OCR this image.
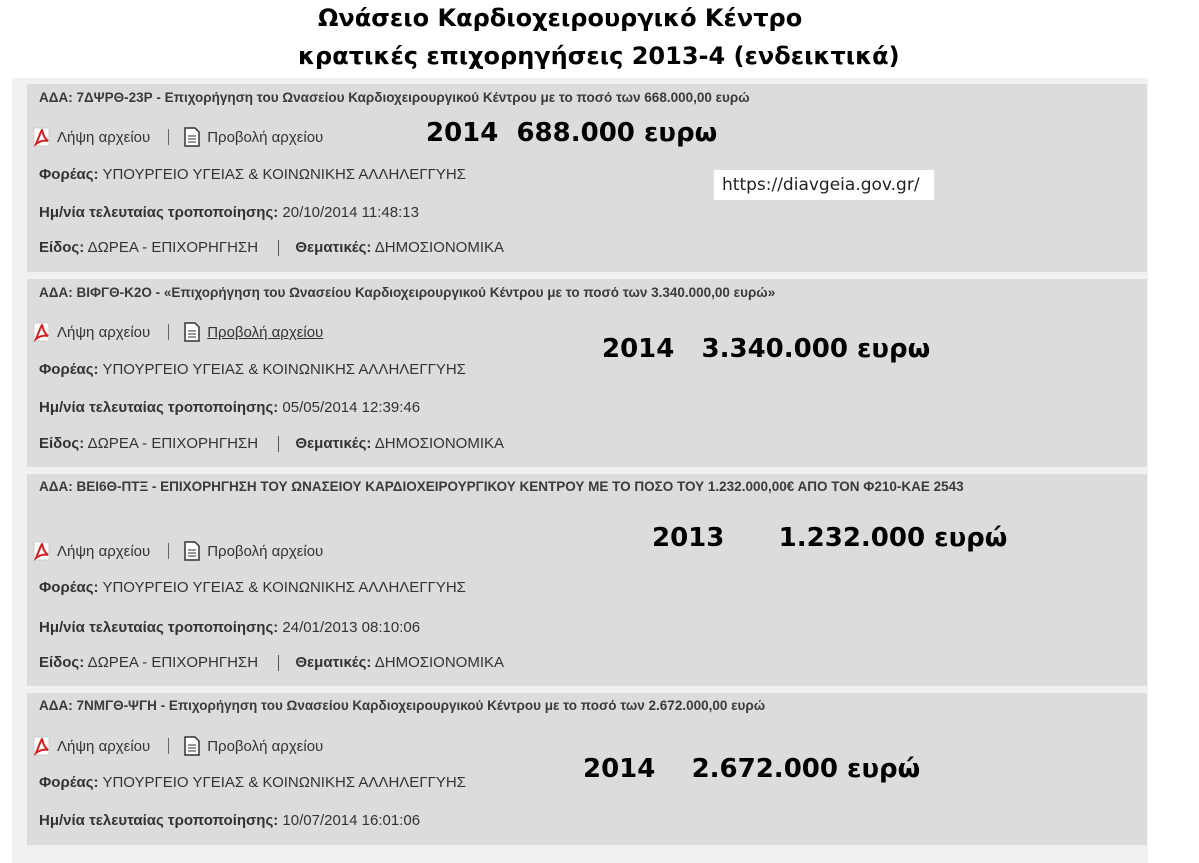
Ωνάσειο Καρδιοχειρουργικό Κέντρο
κρατικές επιχορηγήσεις 2013-4 (ενδεικτικά)
ΑΔΑ: 7ΔΨΡΘ-23Ρ - Επιχορήγηση του Ωνασείου Καρδιοχειρουργικού Κέντρου με το ποσό των 668.000,00 ευρώ
Λήψη αρχείου	Προβολή αρχείου
Φορέας: ΥΠΟΥΡΓΕΙΟ ΥΓΕΙΑΣ & ΚΟΙΝΩΝΙΚΗΣ ΑΛΛΗΛΕΓΓΥΗΣ
Ημ/νία τελευταίας τροποποίησης: 20/10/2014 11:48:13
Είδος: ΔΩΡΕΑ - ΕΠΙΧΟΡΗΓΗΣΗ Θεματικές: ΔΗΜΟΣΙΟΝΟΜΙΚΑ
ΑΔΑ: ΒΙΦΓΘ-Κ2Ο - «Επιχορήγηση του Ωνασείου Καρδιοχειρουργικού Κέντρου με το ποσό των 3.340.000,00 ευρώ»
Λήψη αρχείου	Προβολή αρχείου
Φορέας: ΥΠΟΥΡΓΕΙΟ ΥΓΕΙΑΣ & ΚΟΙΝΩΝΙΚΗΣ ΑΛΛΗΛΕΓΓΥΗΣ
Ημ/νία τελευταίας τροποποίησης: 05/05/2014 12:39:46
Είδος: ΔΩΡΕΑ - ΕΠΙΧΟΡΗΓΗΣΗ Θεματικές: ΔΗΜΟΣΙΟΝΟΜΙΚΑ
ΑΔΑ: ΒΕΙ6Θ-ΠΤΞ - ΕΠΙΧΟΡΗΓΗΣΗ ΤΟΥ ΩΝΑΣΕΙΟΥ ΚΑΡΔΙΟΧΕΙΡΟΥΡΓΙΚΟΥ ΚΕΝΤΡΟΥ ΜΕ ΤΟ ΠΟΣΟ ΤΟΥ 1.232.000,00€ ΑΠΟ ΤΟΝ Φ210-ΚΑΕ 2543
Λήψη αρχείου	Προβολή αρχείου
Φορέας: ΥΠΟΥΡΓΕΙΟ ΥΓΕΙΑΣ & ΚΟΙΝΩΝΙΚΗΣ ΑΛΛΗΛΕΓΓΥΗΣ
Ημ/νία τελευταίας τροποποίησης: 24/01/2013 08:10:06
Είδος: ΔΩΡΕΑ - ΕΠΙΧΟΡΗΓΗΣΗ Θεματικές: ΔΗΜΟΣΙΟΝΟΜΙΚΑ
ΑΔΑ: 7ΝΜΓΘ-ΨΓΗ - Επιχορήγηση του Ωνασείου Καρδιοχειρουργικού Κέντρου με το ποσό των 2.672.000,00 ευρώ
Λήψη αρχείου	Προβολή αρχείου
Φορέας: ΥΠΟΥΡΓΕΙΟ ΥΓΕΙΑΣ & ΚΟΙΝΩΝΙΚΗΣ ΑΛΛΗΛΕΓΓΥΗΣ
Ημ/νία τελευταίας τροποποίησης: 10/07/2014 16:01:06
https://diavgeia.gov.gr/
2014  688.000 ευρω
2014   3.340.000 ευρω
2013      1.232.000 ευρώ
2014    2.672.000 ευρώ
